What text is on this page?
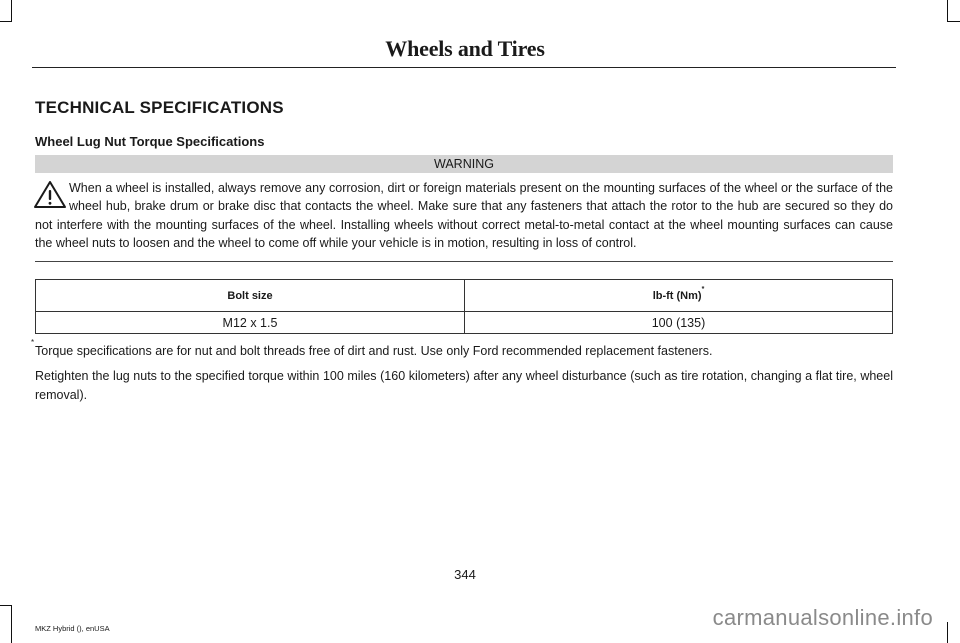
Wheels and Tires
TECHNICAL SPECIFICATIONS
Wheel Lug Nut Torque Specifications
WARNING

When a wheel is installed, always remove any corrosion, dirt or foreign materials present on the mounting surfaces of the wheel or the surface of the wheel hub, brake drum or brake disc that contacts the wheel. Make sure that any fasteners that attach the rotor to the hub are secured so they do not interfere with the mounting surfaces of the wheel. Installing wheels without correct metal-to-metal contact at the wheel mounting surfaces can cause the wheel nuts to loosen and the wheel to come off while your vehicle is in motion, resulting in loss of control.

Bolt size	lb-ft (Nm)*
M12 x 1.5	100 (135)
*
Torque specifications are for nut and bolt threads free of dirt and rust. Use only Ford recommended replacement fasteners.

Retighten the lug nuts to the specified torque within 100 miles (160 kilometers) after any wheel disturbance (such as tire rotation, changing a flat tire, wheel removal).

344
MKZ Hybrid (), enUSA	carmanualsonline.info
